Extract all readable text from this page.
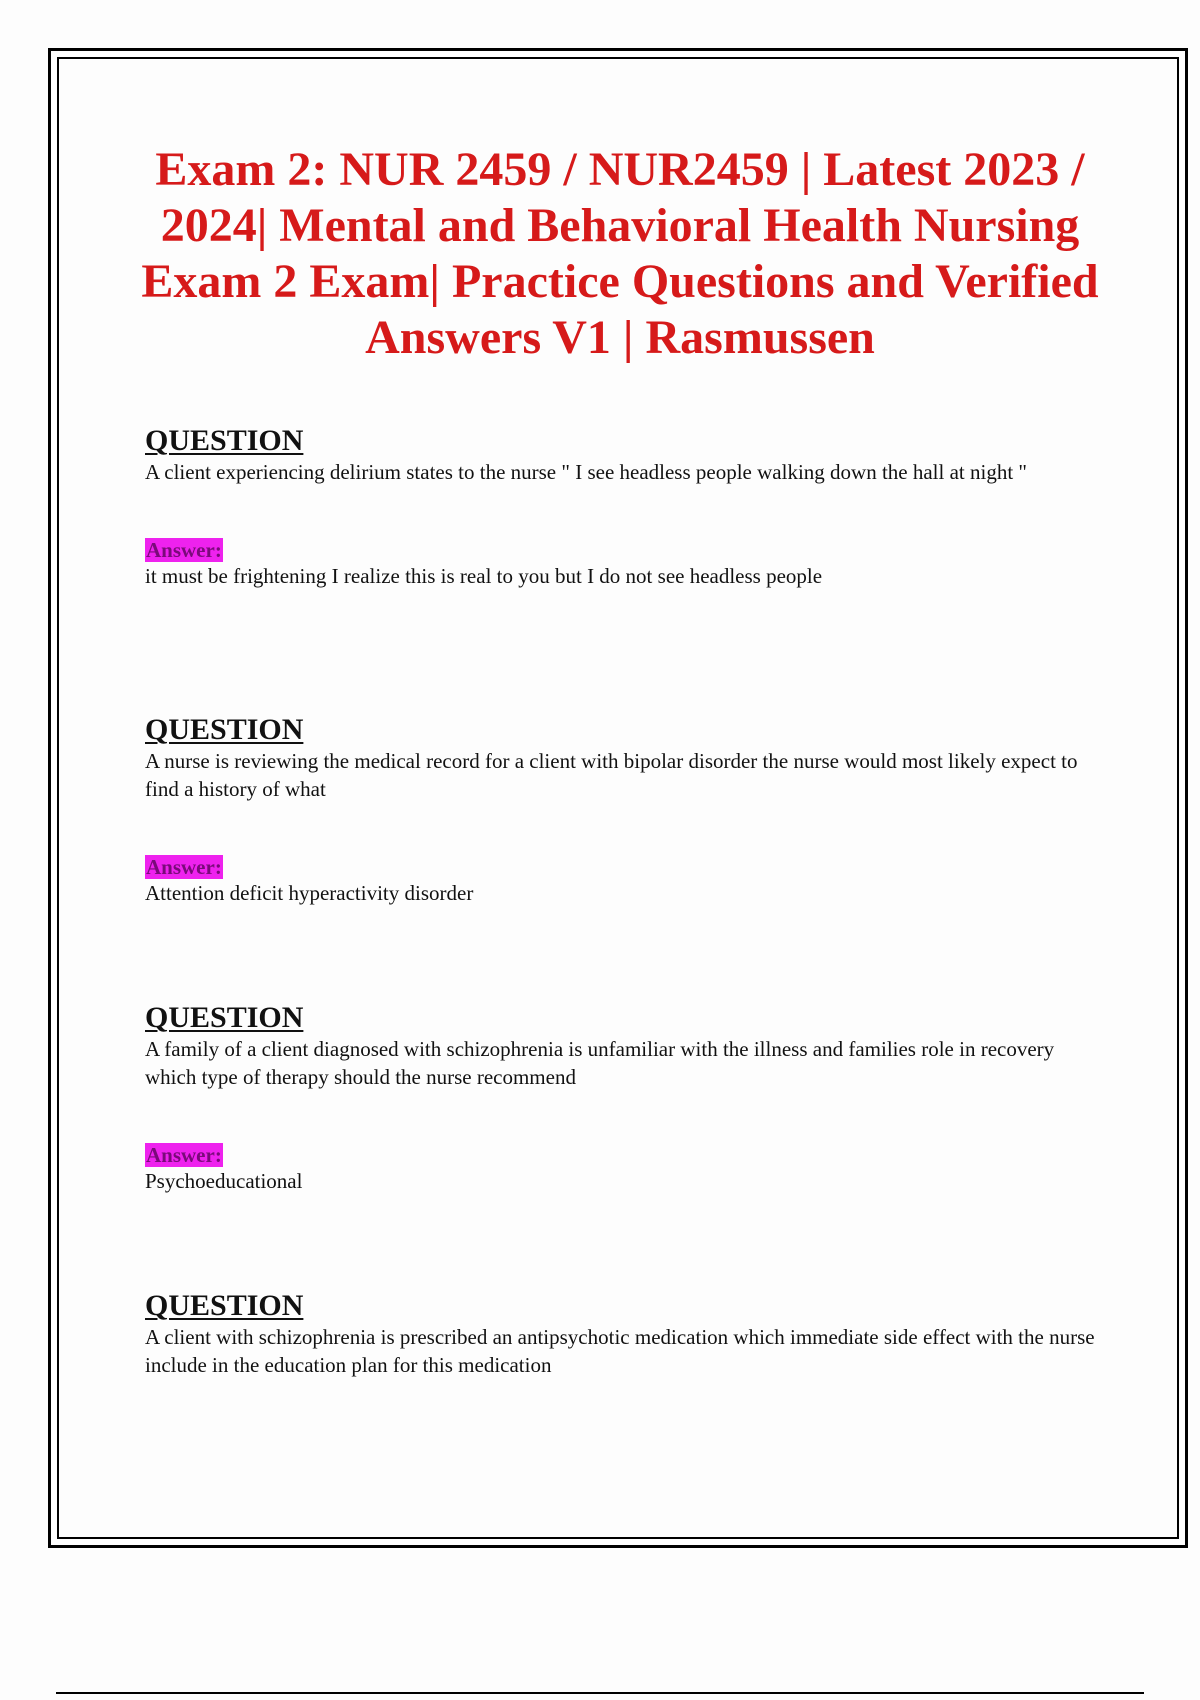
Exam 2: NUR 2459 / NUR2459 | Latest 2023 / 2024| Mental and Behavioral Health Nursing Exam 2 Exam| Practice Questions and Verified Answers V1 | Rasmussen

QUESTION

A client experiencing delirium states to the nurse " I see headless people walking down the hall at night "

Answer:

it must be frightening I realize this is real to you but I do not see headless people

QUESTION

A nurse is reviewing the medical record for a client with bipolar disorder the nurse would most likely expect to find a history of what

Answer:

Attention deficit hyperactivity disorder

QUESTION

A family of a client diagnosed with schizophrenia is unfamiliar with the illness and families role in recovery which type of therapy should the nurse recommend

Answer:

Psychoeducational

QUESTION

A client with schizophrenia is prescribed an antipsychotic medication which immediate side effect with the nurse include in the education plan for this medication
